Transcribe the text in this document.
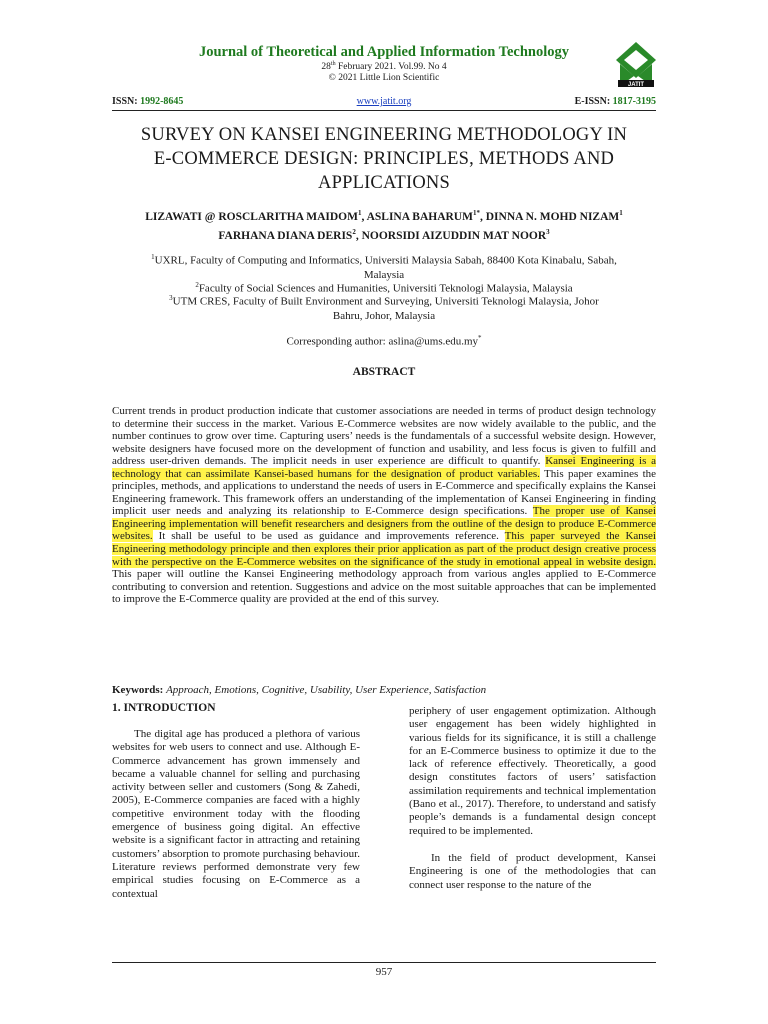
Journal of Theoretical and Applied Information Technology
28th February 2021. Vol.99. No 4
© 2021 Little Lion Scientific
JATIT
ISSN: 1992-8645	www.jatit.org	E-ISSN: 1817-3195
SURVEY ON KANSEI ENGINEERING METHODOLOGY IN
E-COMMERCE DESIGN: PRINCIPLES, METHODS AND
APPLICATIONS
LIZAWATI @ ROSCLARITHA MAIDOM$^1$, ASLINA $BAHARUM^{1*}$, DINNA N. MOHD NIZAM$^1$
FARHANA DIANA DERIS$^2$, NOORSIDI AIZUDDIN MAT NOOR$^3$
$^1$UXRL, Faculty of Computing and Informatics, Universiti Malaysia Sabah, 88400 Kota Kinabalu, Sabah,
Malaysia
$^2$Faculty of Social Sciences and Humanities, Universiti Teknologi Malaysia, Malaysia
$^3$UTM CRES, Faculty of Built Environment and Surveying, Universiti Teknologi Malaysia, Johor
Bahru, Johor, Malaysia
Corresponding author: aslina@ums.edu.my*
ABSTRACT

Current trends in product production indicate that customer associations are needed in terms of product design technology to determine their success in the market. Various E-Commerce websites are now widely available to the public, and the number continues to grow over time. Capturing users’ needs is the fundamentals of a successful website design. However, website designers have focused more on the development of function and usability, and less focus is given to fulfill and address user-driven demands. The implicit needs in user experience are difficult to quantify. Kansei Engineering is a technology that can assimilate Kansei-based humans for the designation of product variables. This paper examines the principles, methods, and applications to understand the needs of users in E-Commerce and specifically explains the Kansei Engineering framework. This framework offers an understanding of the implementation of Kansei Engineering in finding implicit user needs and analyzing its relationship to E-Commerce design specifications. The proper use of Kansei Engineering implementation will benefit researchers and designers from the outline of the design to produce E-Commerce websites. It shall be useful to be used as guidance and improvements reference. This paper surveyed the Kansei Engineering methodology principle and then explores their prior application as part of the product design creative process with the perspective on the E-Commerce websites on the significance of the study in emotional appeal in website design. This paper will outline the Kansei Engineering methodology approach from various angles applied to E-Commerce contributing to conversion and retention. Suggestions and advice on the most suitable approaches that can be implemented to improve the E-Commerce quality are provided at the end of this survey.

Keywords: Approach, Emotions, Cognitive, Usability, User Experience, Satisfaction
1. INTRODUCTION

The digital age has produced a plethora of various websites for web users to connect and use. Although E-Commerce advancement has grown immensely and became a valuable channel for selling and purchasing activity between seller and customers (Song & Zahedi, 2005), E-Commerce companies are faced with a highly competitive environment today with the flooding emergence of business going digital. An effective website is a significant factor in attracting and retaining customers’ absorption to promote purchasing behaviour. Literature reviews performed demonstrate very few empirical studies focusing on E-Commerce as a contextual

periphery of user engagement optimization. Although user engagement has been widely highlighted in various fields for its significance, it is still a challenge for an E-Commerce business to optimize it due to the lack of reference effectively. Theoretically, a good design constitutes factors of users’ satisfaction assimilation requirements and technical implementation (Bano et al., 2017). Therefore, to understand and satisfy people’s demands is a fundamental design concept required to be implemented.

In the field of product development, Kansei Engineering is one of the methodologies that can connect user response to the nature of the

957
